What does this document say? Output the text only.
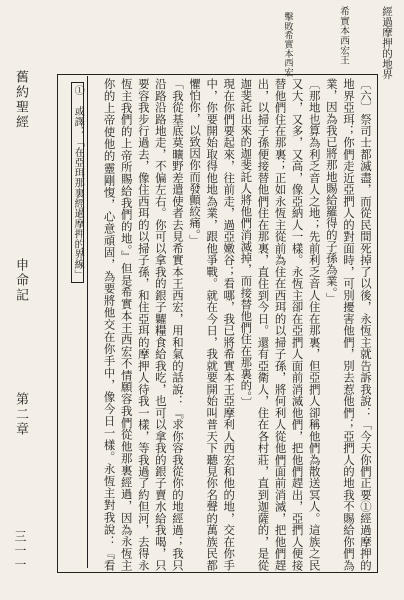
經過摩押的地界
希實本西宏王
擊敗希實本西宏

〔六〕祭司士都滅盡，而從民間死掉了以後，永恆主就告訴我說：「今天你們正要①經過摩押的地界亞珥；你們走近亞捫人的對面時，可別擾害他們，別去惹他們；亞捫人的地我不賜給你們為業，因為我已將那地賜給羅得的子孫為業。」

〔那地也算為利乏音人之地；先前利乏音人住在那裏，但亞捫人卻稱他們為散送冥人。這族之民又大，又多，又高，像亞納人一樣。永恆主卻在亞捫人面前消滅他們，把他們趕出，亞捫人便接替他們住在那裏；正如永恆主從前為住在西珥的以掃子孫，將何利人從他們面前消滅，把他們趕出，以掃子孫便接替他們住在那裏，直住到今日。還有亞衛人，住在各村莊，直到迦薩的，是從迦斐託出來的迦斐託人將他們消滅掉，而接替他們住在那裏的。〕

現在你們要起來，往前走，過亞嫩谷；看哪，我已將希實本王亞摩利人西宏和他的地，交在你手中，你要開始取得他地為業，跟他爭戰。就在今日，我就要開始叫普天下聽見你名聲的萬族民都懼怕你，以致因你而發顫絞痛。」

「我從基底莫曠野差遣使者去見希實本王西宏，用和氣的話說：『求你容我從你的地經過；我只沿路沿路地走，不偏左右。你可以拿我的銀子糶糧食給我吃，也可以拿我的銀子賣水給我喝，只要容我步行過去，像住西珥的以掃子孫，和住亞珥的摩押人待我一樣，等我過了約但河，去得永恆主我們的上帝所賜給我們的地。』但是希實本王西宏不情願容我們從他那裏經過，因為永恆主你的上帝使他的靈剛愎，心意頑固，為要將他交在你手中，像今日一樣。永恆主對我說：『看

① 或譯：「在亞珥那裏經過摩押的界線」
舊約聖經
申命記
第二章
三一一
